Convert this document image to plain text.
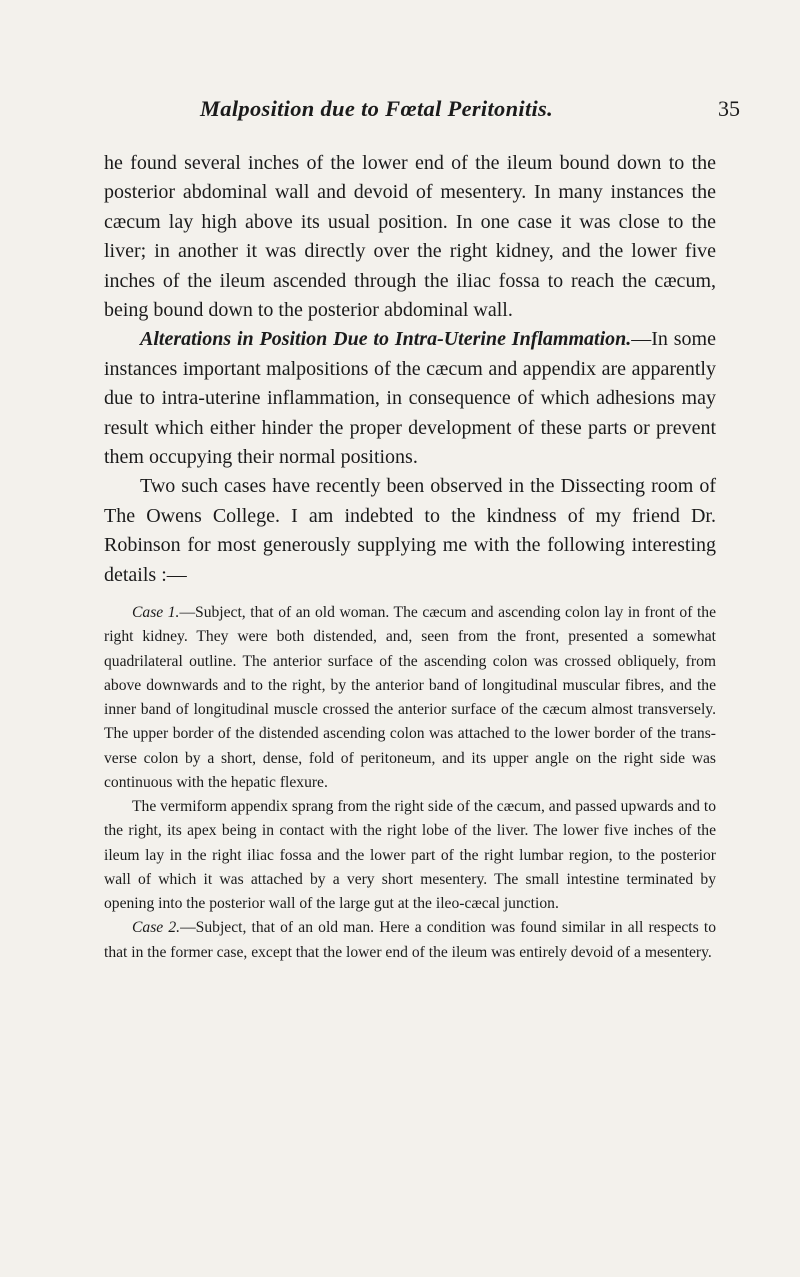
Malposition due to Fœtal Peritonitis.	35

he found several inches of the lower end of the ileum bound down to the posterior abdominal wall and devoid of mesentery. In many instances the cæcum lay high above its usual position. In one case it was close to the liver; in another it was directly over the right kidney, and the lower five inches of the ileum ascended through the iliac fossa to reach the cæcum, being bound down to the posterior abdominal wall.

Alterations in Position Due to Intra-Uterine Inflammation.—In some instances important malpositions of the cæcum and appendix are apparently due to intra-uterine inflammation, in consequence of which adhesions may result which either hinder the proper development of these parts or prevent them occupying their normal positions.

Two such cases have recently been observed in the Dissecting room of The Owens College. I am indebted to the kindness of my friend Dr. Robinson for most generously supplying me with the following interesting details :—

Case 1.—Subject, that of an old woman. The cæcum and ascending colon lay in front of the right kidney. They were both distended, and, seen from the front, presented a somewhat quadrilateral outline. The anterior surface of the ascending colon was crossed obliquely, from above downwards and to the right, by the anterior band of longitudinal muscular fibres, and the inner band of longitudinal muscle crossed the anterior surface of the cæcum almost transversely. The upper border of the distended ascending colon was attached to the lower border of the transverse colon by a short, dense, fold of peritoneum, and its upper angle on the right side was continuous with the hepatic flexure.

The vermiform appendix sprang from the right side of the cæcum, and passed upwards and to the right, its apex being in contact with the right lobe of the liver. The lower five inches of the ileum lay in the right iliac fossa and the lower part of the right lumbar region, to the posterior wall of which it was attached by a very short mesentery. The small intestine terminated by opening into the posterior wall of the large gut at the ileo-cæcal junction.

Case 2.—Subject, that of an old man. Here a condition was found similar in all respects to that in the former case, except that the lower end of the ileum was entirely devoid of a mesentery.
